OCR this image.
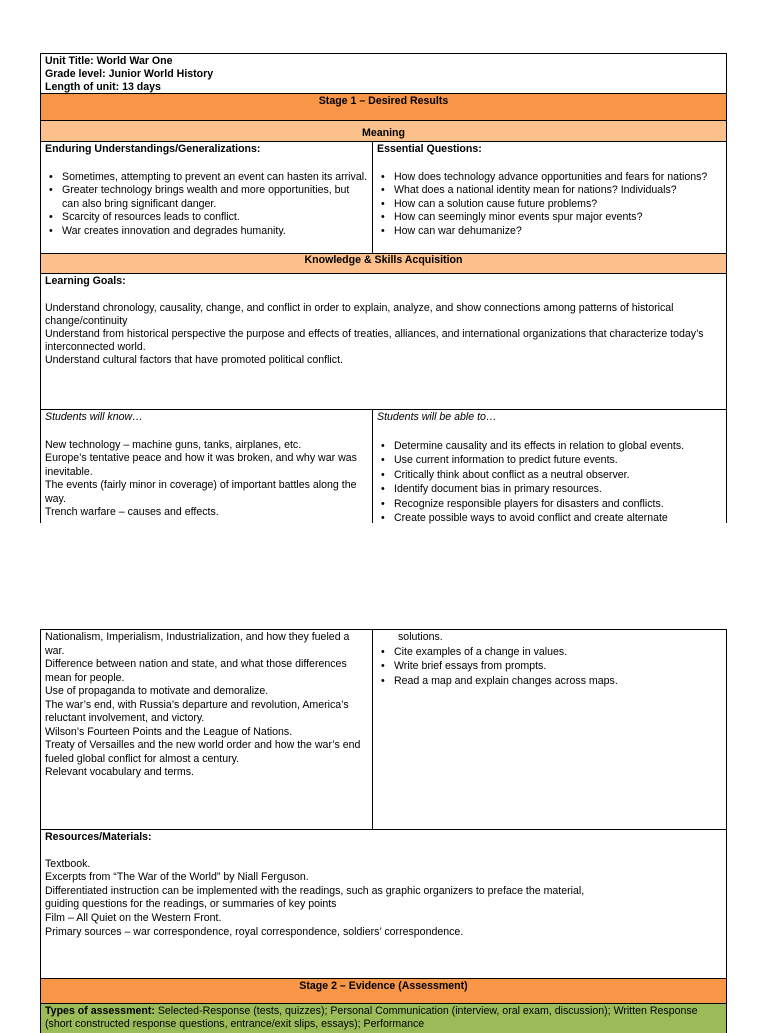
Unit Title: World War One
Grade level: Junior World History
Length of unit: 13 days
Stage 1 – Desired Results
Meaning
Enduring Understandings/Generalizations:
• Sometimes, attempting to prevent an event can hasten its arrival.
• Greater technology brings wealth and more opportunities, but can also bring significant danger.
• Scarcity of resources leads to conflict.
• War creates innovation and degrades humanity.
Essential Questions:
• How does technology advance opportunities and fears for nations?
• What does a national identity mean for nations? Individuals?
• How can a solution cause future problems?
• How can seemingly minor events spur major events?
• How can war dehumanize?
Knowledge & Skills Acquisition
Learning Goals:

Understand chronology, causality, change, and conflict in order to explain, analyze, and show connections among patterns of historical change/continuity

Understand from historical perspective the purpose and effects of treaties, alliances, and international organizations that characterize today’s interconnected world.

Understand cultural factors that have promoted political conflict.

Students will know…

New technology – machine guns, tanks, airplanes, etc.

Europe’s tentative peace and how it was broken, and why war was inevitable.

The events (fairly minor in coverage) of important battles along the way.

Trench warfare – causes and effects.

Students will be able to…
• Determine causality and its effects in relation to global events.
• Use current information to predict future events.
• Critically think about conflict as a neutral observer.
• Identify document bias in primary resources.
• Recognize responsible players for disasters and conflicts.
• Create possible ways to avoid conflict and create alternate

Nationalism, Imperialism, Industrialization, and how they fueled a war.

Difference between nation and state, and what those differences mean for people.

Use of propaganda to motivate and demoralize.

The war’s end, with Russia’s departure and revolution, America’s reluctant involvement, and victory.

Wilson’s Fourteen Points and the League of Nations.

Treaty of Versailles and the new world order and how the war’s end fueled global conflict for almost a century.

Relevant vocabulary and terms.

solutions.
• Cite examples of a change in values.
• Write brief essays from prompts.
• Read a map and explain changes across maps.
Resources/Materials:

Textbook.

Excerpts from “The War of the World” by Niall Ferguson.

Differentiated instruction can be implemented with the readings, such as graphic organizers to preface the material, guiding questions for the readings, or summaries of key points

Film – All Quiet on the Western Front.

Primary sources – war correspondence, royal correspondence, soldiers’ correspondence.

Stage 2 – Evidence (Assessment)
Types of assessment: Selected-Response (tests, quizzes); Personal Communication (interview, oral exam, discussion); Written Response (short constructed response questions, entrance/exit slips, essays); Performance
